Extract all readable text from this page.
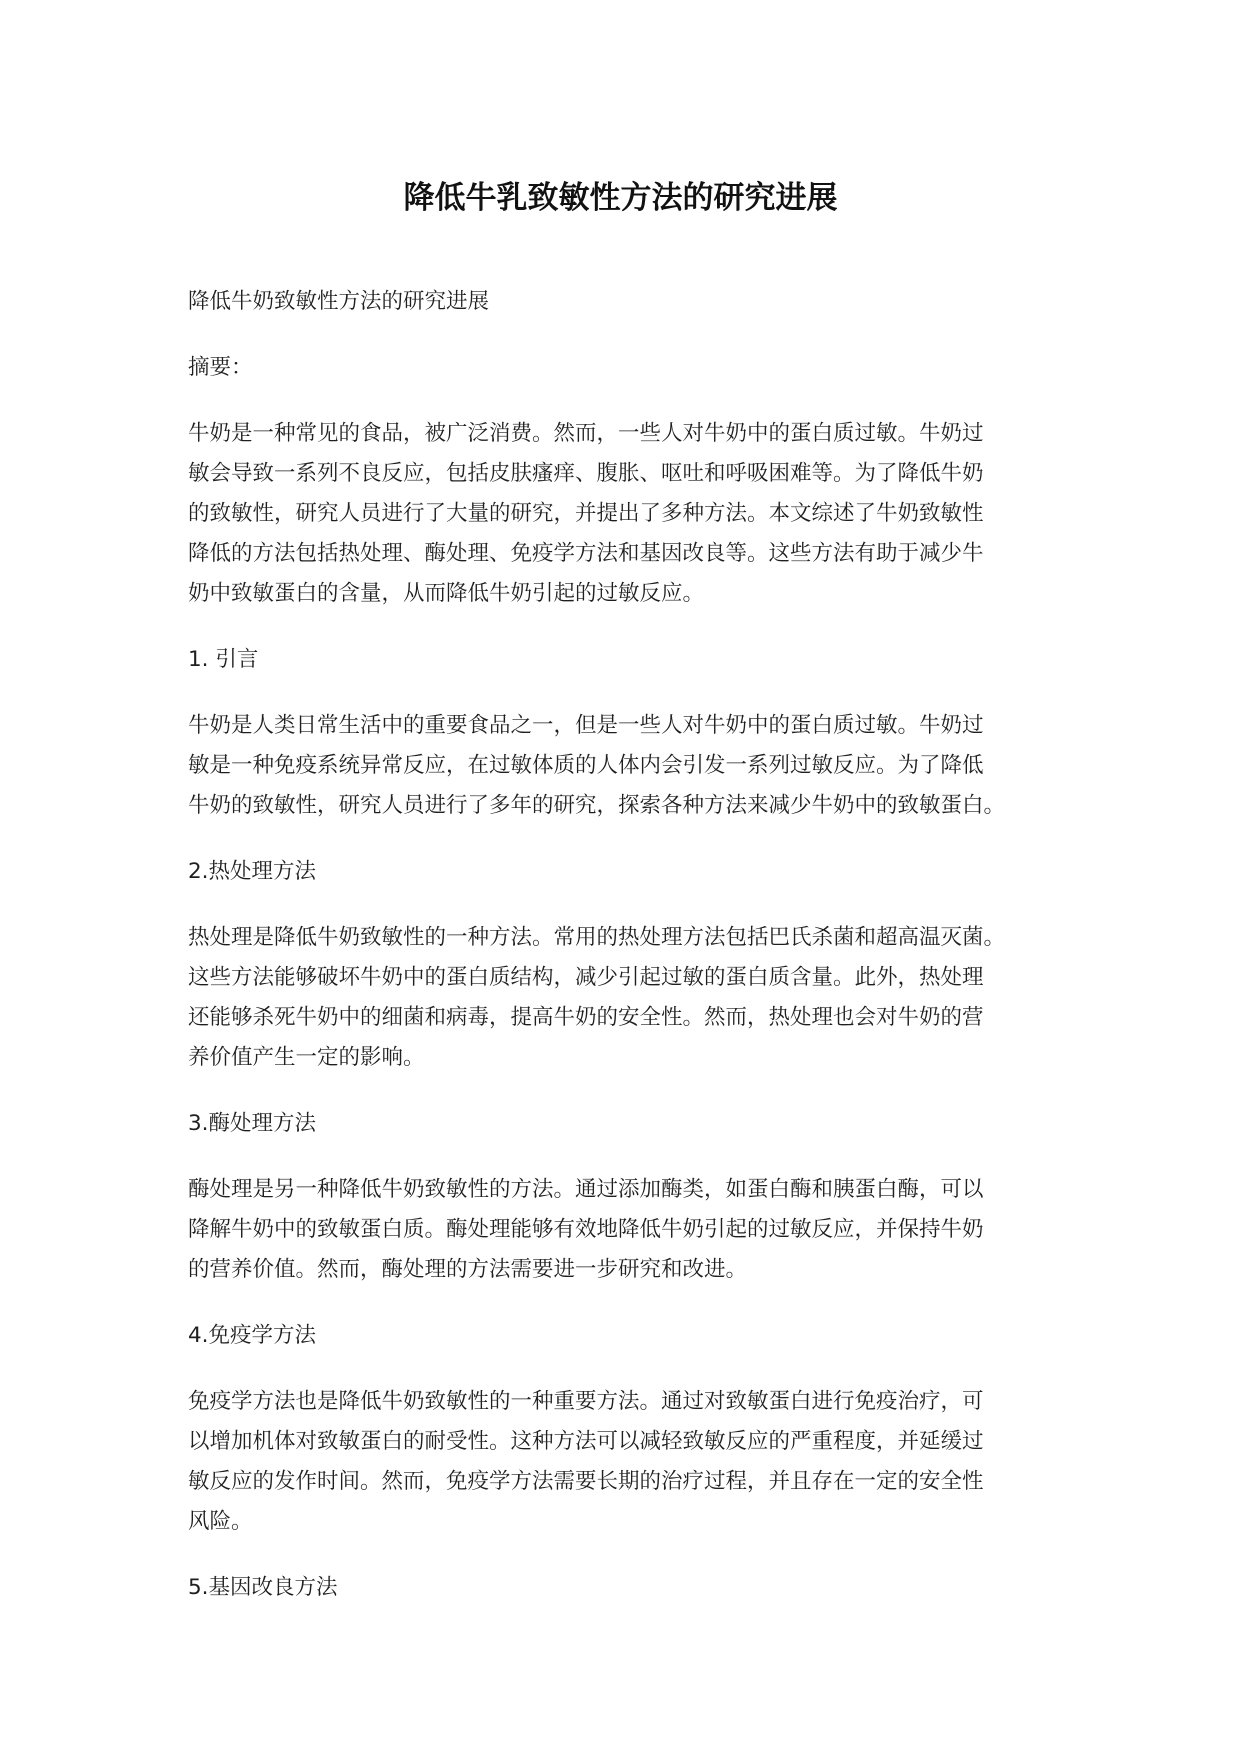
降低牛乳致敏性方法的研究进展

降低牛奶致敏性方法的研究进展

摘要：

牛奶是一种常见的食品，被广泛消费。然而，一些人对牛奶中的蛋白质过敏。牛奶过
敏会导致一系列不良反应，包括皮肤瘙痒、腹胀、呕吐和呼吸困难等。为了降低牛奶
的致敏性，研究人员进行了大量的研究，并提出了多种方法。本文综述了牛奶致敏性
降低的方法包括热处理、酶处理、免疫学方法和基因改良等。这些方法有助于减少牛
奶中致敏蛋白的含量，从而降低牛奶引起的过敏反应。

1. 引言

牛奶是人类日常生活中的重要食品之一，但是一些人对牛奶中的蛋白质过敏。牛奶过
敏是一种免疫系统异常反应，在过敏体质的人体内会引发一系列过敏反应。为了降低
牛奶的致敏性，研究人员进行了多年的研究，探索各种方法来减少牛奶中的致敏蛋白。

2.热处理方法

热处理是降低牛奶致敏性的一种方法。常用的热处理方法包括巴氏杀菌和超高温灭菌。
这些方法能够破坏牛奶中的蛋白质结构，减少引起过敏的蛋白质含量。此外，热处理
还能够杀死牛奶中的细菌和病毒，提高牛奶的安全性。然而，热处理也会对牛奶的营
养价值产生一定的影响。

3.酶处理方法

酶处理是另一种降低牛奶致敏性的方法。通过添加酶类，如蛋白酶和胰蛋白酶，可以
降解牛奶中的致敏蛋白质。酶处理能够有效地降低牛奶引起的过敏反应，并保持牛奶
的营养价值。然而，酶处理的方法需要进一步研究和改进。

4.免疫学方法

免疫学方法也是降低牛奶致敏性的一种重要方法。通过对致敏蛋白进行免疫治疗，可
以增加机体对致敏蛋白的耐受性。这种方法可以减轻致敏反应的严重程度，并延缓过
敏反应的发作时间。然而，免疫学方法需要长期的治疗过程，并且存在一定的安全性
风险。

5.基因改良方法
